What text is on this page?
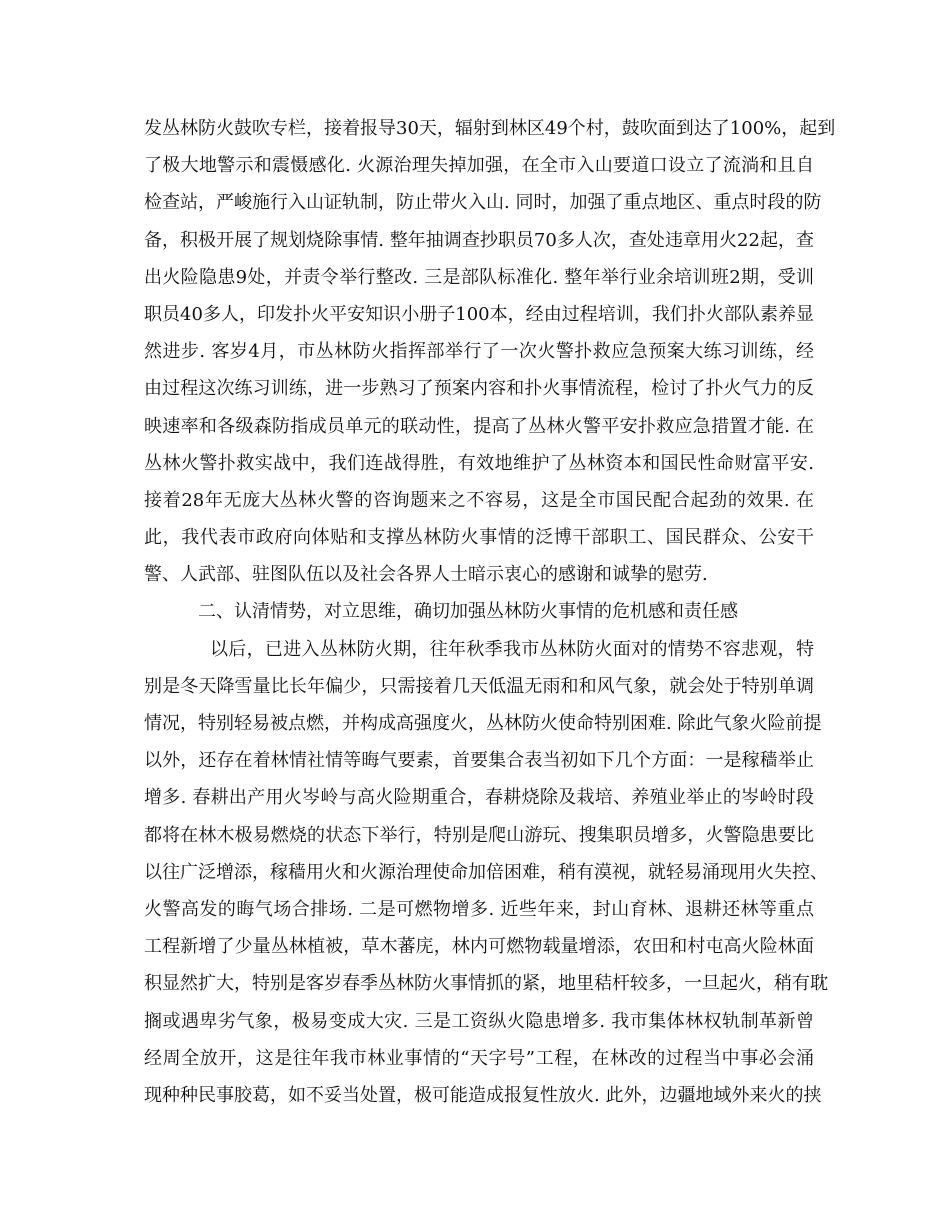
发丛林防火鼓吹专栏，接着报导30天，辐射到林区49个村，鼓吹面到达了100%，起到
了极大地警示和震慑感化. 火源治理失掉加强，在全市入山要道口设立了流淌和且自
检查站，严峻施行入山证轨制，防止带火入山. 同时，加强了重点地区、重点时段的防
备，积极开展了规划烧除事情. 整年抽调查抄职员70多人次，查处违章用火22起，查
出火险隐患9处，并责令举行整改. 三是部队标准化. 整年举行业余培训班2期，受训
职员40多人，印发扑火平安知识小册子100本，经由过程培训，我们扑火部队素养显
然进步. 客岁4月，市丛林防火指挥部举行了一次火警扑救应急预案大练习训练，经
由过程这次练习训练，进一步熟习了预案内容和扑火事情流程，检讨了扑火气力的反
映速率和各级森防指成员单元的联动性，提高了丛林火警平安扑救应急措置才能. 在
丛林火警扑救实战中，我们连战得胜，有效地维护了丛林资本和国民性命财富平安.
接着28年无庞大丛林火警的咨询题来之不容易，这是全市国民配合起劲的效果. 在
此，我代表市政府向体贴和支撑丛林防火事情的泛博干部职工、国民群众、公安干
警、人武部、驻图队伍以及社会各界人士暗示衷心的感谢和诚挚的慰劳.
二、认清情势，对立思维，确切加强丛林防火事情的危机感和责任感
以后，已进入丛林防火期，往年秋季我市丛林防火面对的情势不容悲观，特
别是冬天降雪量比长年偏少，只需接着几天低温无雨和和风气象，就会处于特别单调
情况，特别轻易被点燃，并构成高强度火，丛林防火使命特别困难. 除此气象火险前提
以外，还存在着林情社情等晦气要素，首要集合表当初如下几个方面：一是稼穑举止
增多. 春耕出产用火岑岭与高火险期重合，春耕烧除及栽培、养殖业举止的岑岭时段
都将在林木极易燃烧的状态下举行，特别是爬山游玩、搜集职员增多，火警隐患要比
以往广泛增添，稼穑用火和火源治理使命加倍困难，稍有漠视，就轻易涌现用火失控、
火警高发的晦气场合排场. 二是可燃物增多. 近些年来，封山育林、退耕还林等重点
工程新增了少量丛林植被，草木蕃庑，林内可燃物载量增添，农田和村屯高火险林面
积显然扩大，特别是客岁春季丛林防火事情抓的紧，地里秸杆较多，一旦起火，稍有耽
搁或遇卑劣气象，极易变成大灾. 三是工资纵火隐患增多. 我市集体林权轨制革新曾
经周全放开，这是往年我市林业事情的“天字号”工程，在林改的过程当中事必会涌
现种种民事胶葛，如不妥当处置，极可能造成报复性放火. 此外，边疆地域外来火的挟
